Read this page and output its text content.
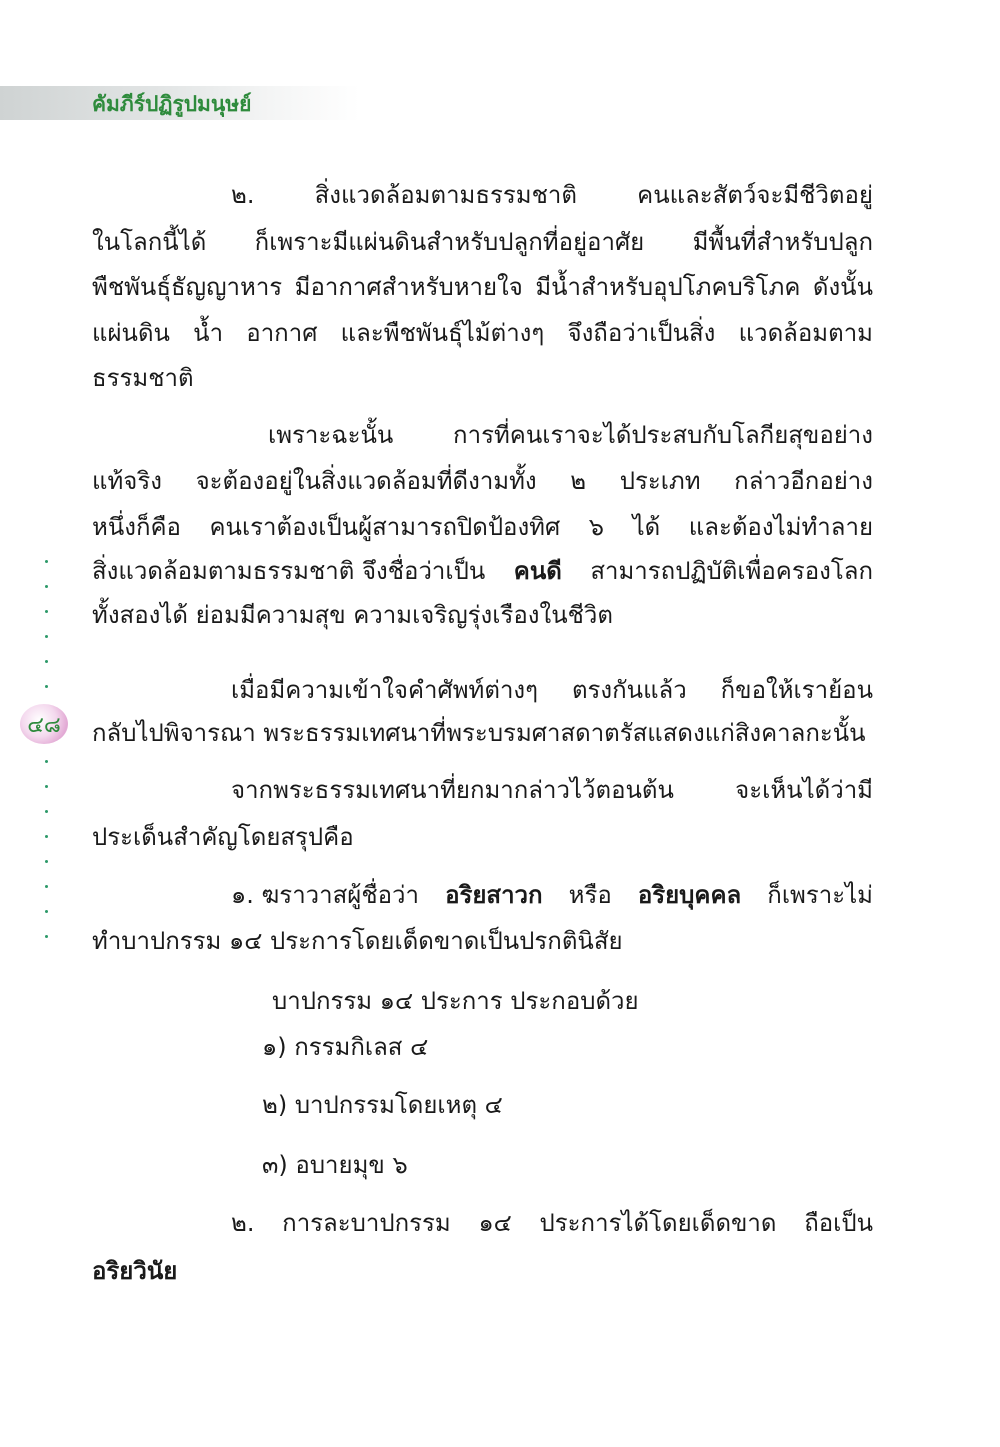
คัมภีร์ปฏิรูปมนุษย์
๔๘
๒. สิ่งแวดล้อมตามธรรมชาติ คนและสัตว์จะมีชีวิตอยู่
ในโลกนี้ได้ ก็เพราะมีแผ่นดินสำหรับปลูกที่อยู่อาศัย มีพื้นที่สำหรับปลูก
พืชพันธุ์ธัญญาหาร มีอากาศสำหรับหายใจ มีน้ำสำหรับอุปโภคบริโภค ดังนั้น
แผ่นดิน น้ำ อากาศ และพืชพันธุ์ไม้ต่างๆ จึงถือว่าเป็นสิ่ง แวดล้อมตาม
ธรรมชาติ
เพราะฉะนั้น การที่คนเราจะได้ประสบกับโลกียสุขอย่าง
แท้จริง จะต้องอยู่ในสิ่งแวดล้อมที่ดีงามทั้ง ๒ ประเภท กล่าวอีกอย่าง
หนึ่งก็คือ คนเราต้องเป็นผู้สามารถปิดป้องทิศ ๖ ได้ และต้องไม่ทำลาย
สิ่งแวดล้อมตามธรรมชาติ จึงชื่อว่าเป็น คนดี สามารถปฏิบัติเพื่อครองโลก
ทั้งสองได้ ย่อมมีความสุข ความเจริญรุ่งเรืองในชีวิต
เมื่อมีความเข้าใจคำศัพท์ต่างๆ ตรงกันแล้ว ก็ขอให้เราย้อน
กลับไปพิจารณา พระธรรมเทศนาที่พระบรมศาสดาตรัสแสดงแก่สิงคาลกะนั้น
จากพระธรรมเทศนาที่ยกมากล่าวไว้ตอนต้น จะเห็นได้ว่ามี
ประเด็นสำคัญโดยสรุปคือ
๑. ฆราวาสผู้ชื่อว่า อริยสาวก หรือ อริยบุคคล ก็เพราะไม่
ทำบาปกรรม ๑๔ ประการโดยเด็ดขาดเป็นปรกตินิสัย
บาปกรรม ๑๔ ประการ ประกอบด้วย
๑) กรรมกิเลส ๔
๒) บาปกรรมโดยเหตุ ๔
๓) อบายมุข ๖
๒. การละบาปกรรม ๑๔ ประการได้โดยเด็ดขาด ถือเป็น
อริยวินัย
